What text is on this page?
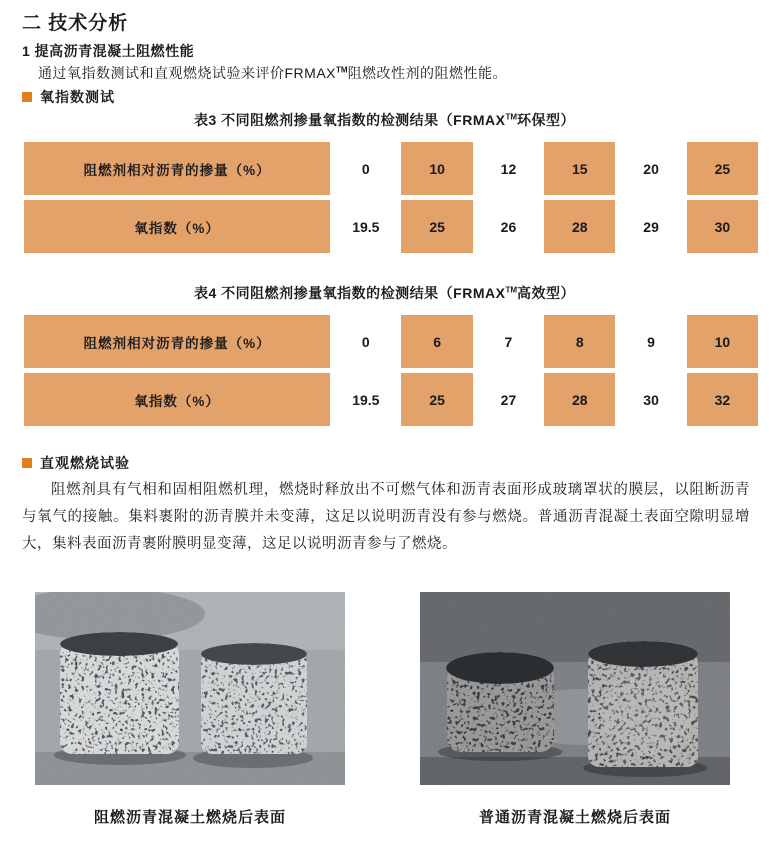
二 技术分析
1 提高沥青混凝土阻燃性能
通过氧指数测试和直观燃烧试验来评价FRMAX™阻燃改性剂的阻燃性能。
氧指数测试
表3 不同阻燃剂掺量氧指数的检测结果（FRMAX™环保型）
阻燃剂相对沥青的掺量（%）	0	10	12	15	20	25
氧指数（%）	19.5	25	26	28	29	30
表4 不同阻燃剂掺量氧指数的检测结果（FRMAX™高效型）
阻燃剂相对沥青的掺量（%）	0	6	7	8	9	10
氧指数（%）	19.5	25	27	28	30	32
直观燃烧试验
阻燃剂具有气相和固相阻燃机理，燃烧时释放出不可燃气体和沥青表面形成玻璃罩状的膜层，以阻断沥青与氧气的接触。集料裹附的沥青膜并未变薄，这足以说明沥青没有参与燃烧。普通沥青混凝土表面空隙明显增大，集料表面沥青裹附膜明显变薄，这足以说明沥青参与了燃烧。
阻燃沥青混凝土燃烧后表面	普通沥青混凝土燃烧后表面
